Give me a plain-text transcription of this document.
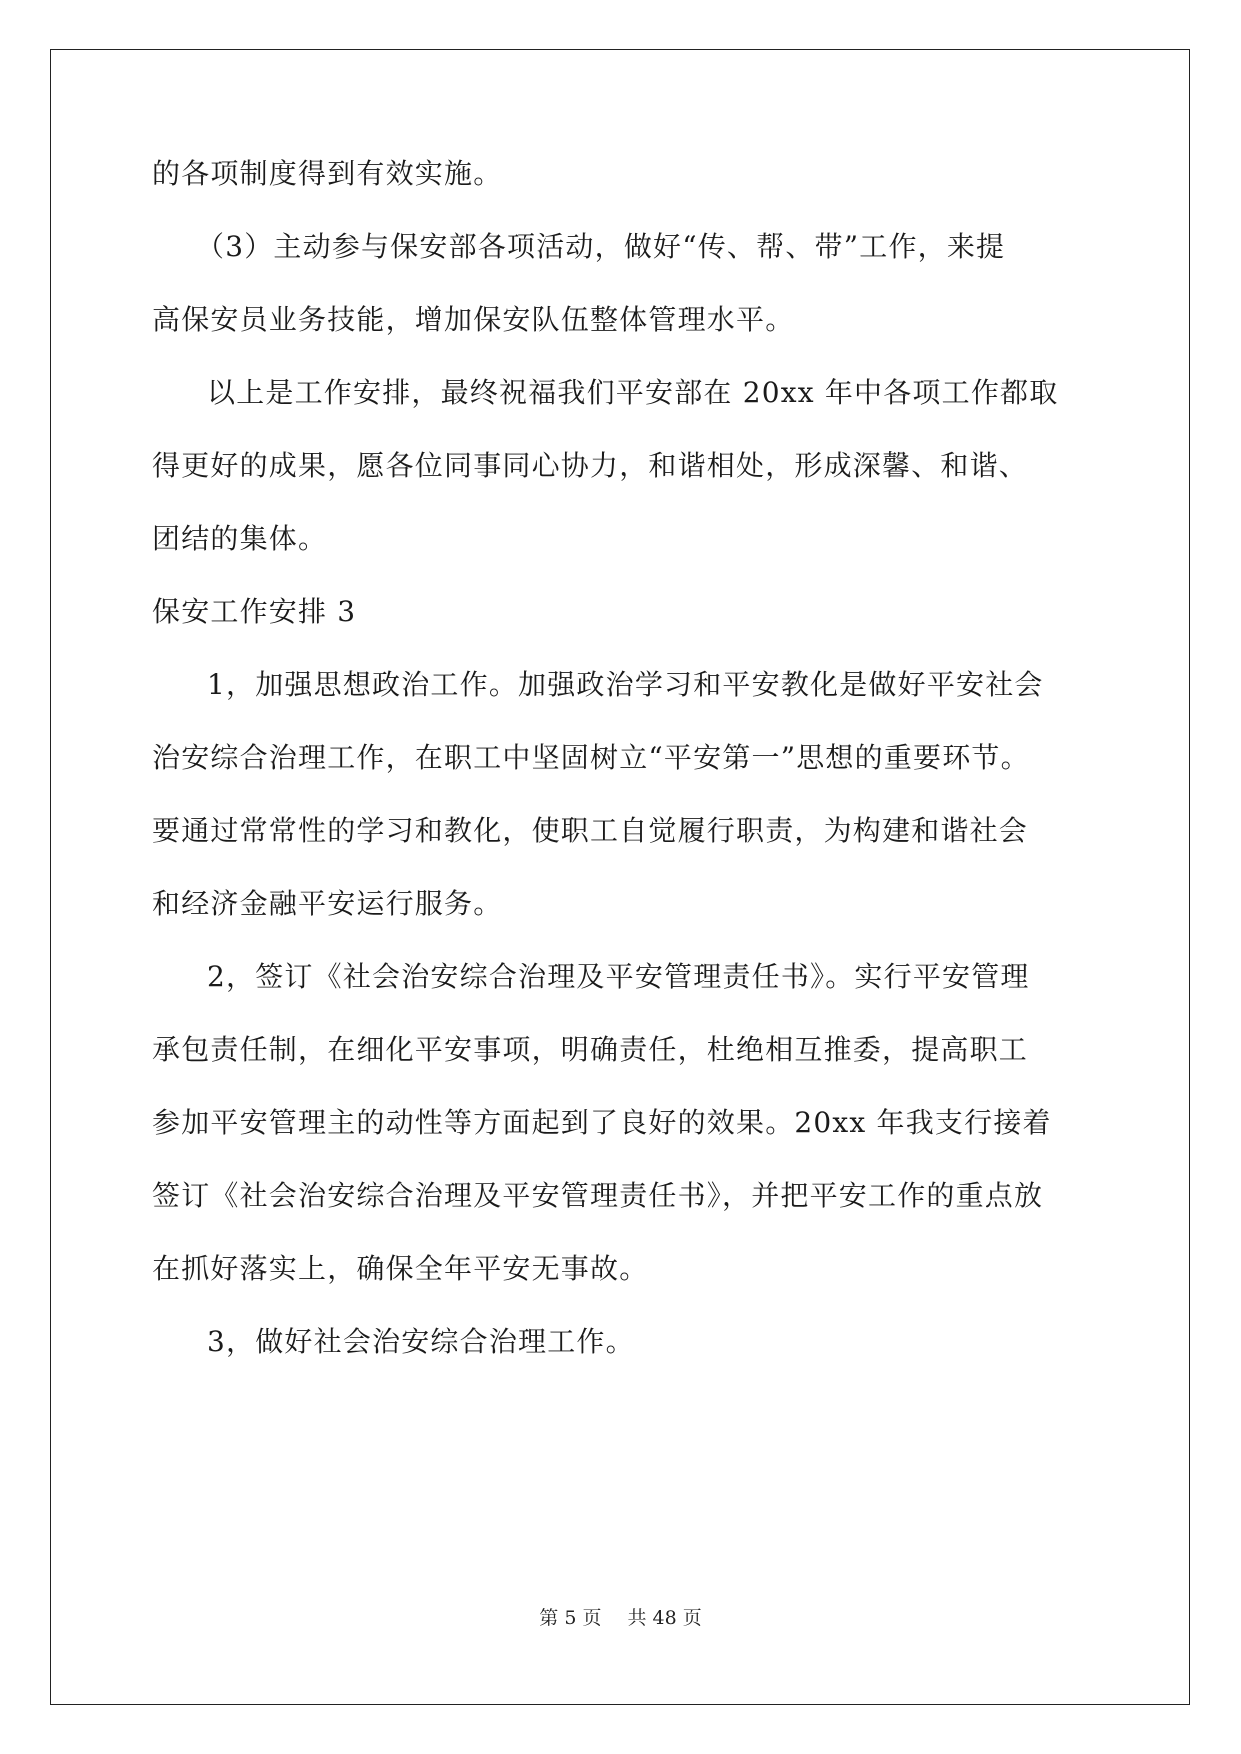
的各项制度得到有效实施。
（3）主动参与保安部各项活动，做好“传、帮、带”工作，来提
高保安员业务技能，增加保安队伍整体管理水平。
以上是工作安排，最终祝福我们平安部在 20xx 年中各项工作都取
得更好的成果，愿各位同事同心协力，和谐相处，形成深馨、和谐、
团结的集体。
保安工作安排 3
1，加强思想政治工作。加强政治学习和平安教化是做好平安社会
治安综合治理工作，在职工中坚固树立“平安第一”思想的重要环节。
要通过常常性的学习和教化，使职工自觉履行职责，为构建和谐社会
和经济金融平安运行服务。
2，签订《社会治安综合治理及平安管理责任书》。实行平安管理
承包责任制，在细化平安事项，明确责任，杜绝相互推委，提高职工
参加平安管理主的动性等方面起到了良好的效果。20xx 年我支行接着
签订《社会治安综合治理及平安管理责任书》，并把平安工作的重点放
在抓好落实上，确保全年平安无事故。
3，做好社会治安综合治理工作。
第 5 页 共 48 页
